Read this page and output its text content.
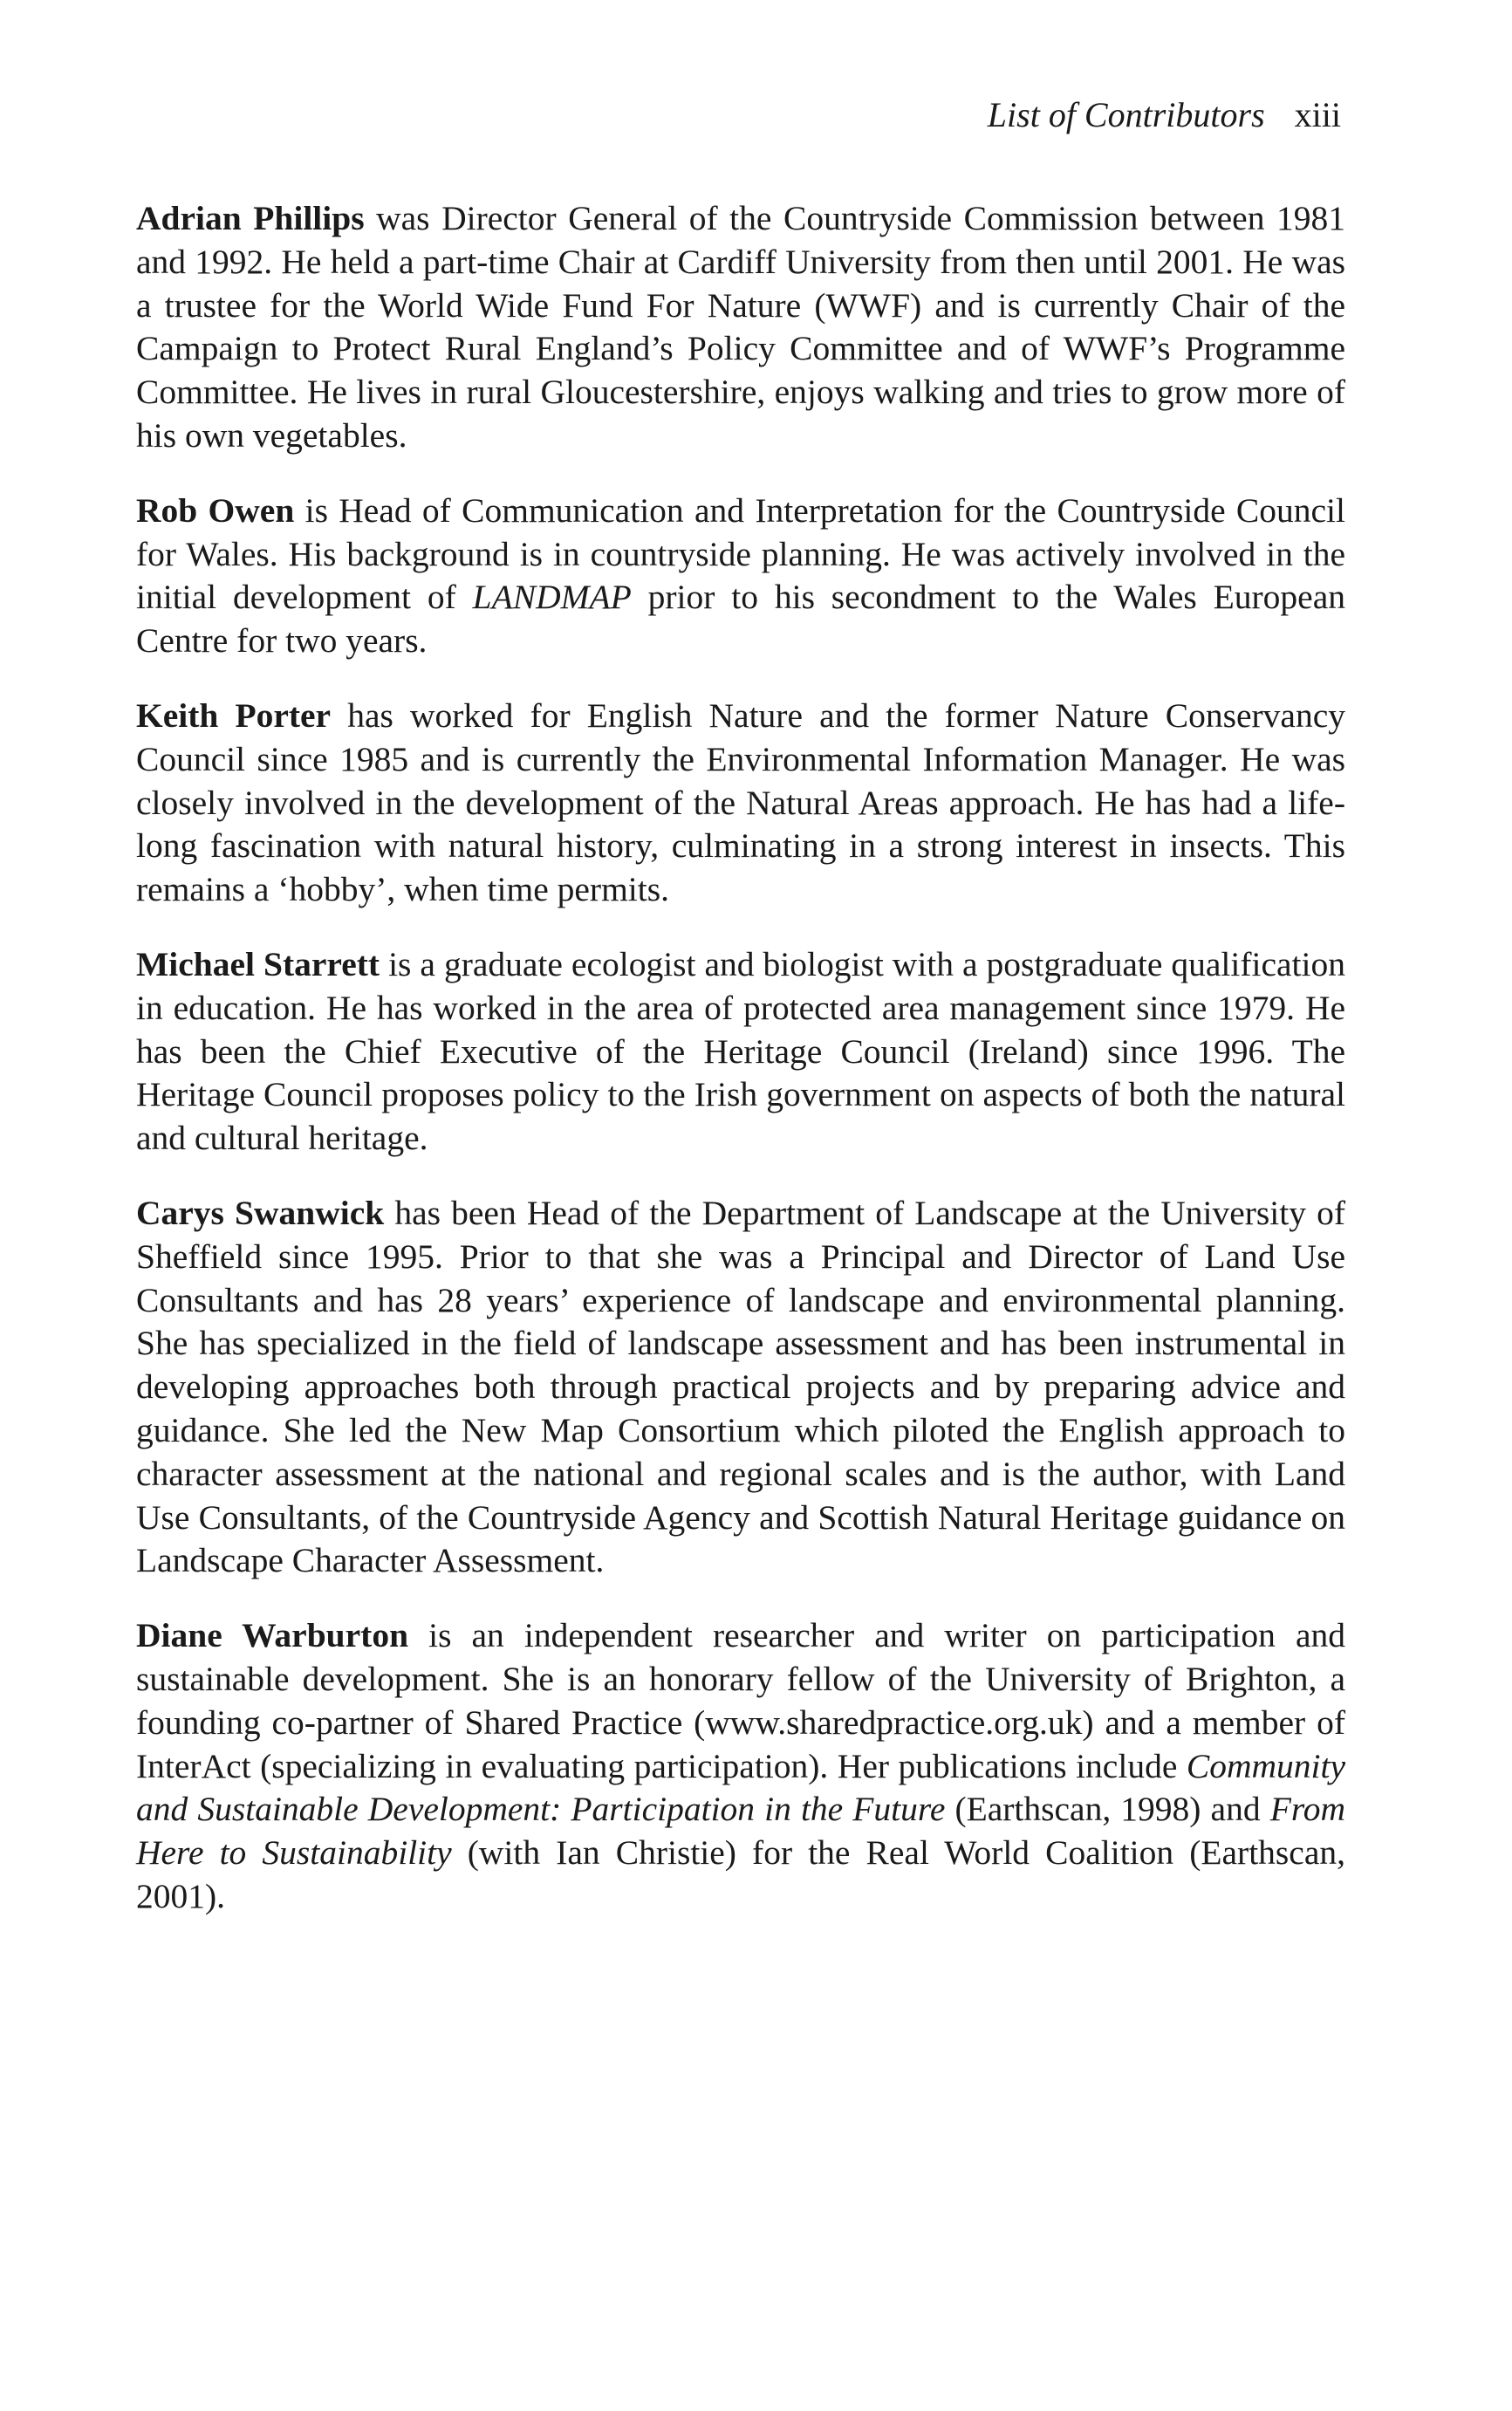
List of Contributors xiii

Adrian Phillips was Director General of the Countryside Commission between 1981 and 1992. He held a part-time Chair at Cardiff University from then until 2001. He was a trustee for the World Wide Fund For Nature (WWF) and is currently Chair of the Campaign to Protect Rural England’s Policy Committee and of WWF’s Programme Committee. He lives in rural Gloucestershire, enjoys walking and tries to grow more of his own vegetables.

Rob Owen is Head of Communication and Interpretation for the Countryside Council for Wales. His background is in countryside planning. He was actively involved in the initial development of LANDMAP prior to his secondment to the Wales European Centre for two years.

Keith Porter has worked for English Nature and the former Nature Conservancy Council since 1985 and is currently the Environmental Information Manager. He was closely involved in the development of the Natural Areas approach. He has had a life-long fascination with natural history, culminating in a strong interest in insects. This remains a ‘hobby’, when time permits.

Michael Starrett is a graduate ecologist and biologist with a postgraduate qualification in education. He has worked in the area of protected area management since 1979. He has been the Chief Executive of the Heritage Council (Ireland) since 1996. The Heritage Council proposes policy to the Irish government on aspects of both the natural and cultural heritage.

Carys Swanwick has been Head of the Department of Landscape at the University of Sheffield since 1995. Prior to that she was a Principal and Director of Land Use Consultants and has 28 years’ experience of landscape and environmental planning. She has specialized in the field of landscape assessment and has been instrumental in developing approaches both through practical projects and by preparing advice and guidance. She led the New Map Consortium which piloted the English approach to character assessment at the national and regional scales and is the author, with Land Use Consultants, of the Countryside Agency and Scottish Natural Heritage guidance on Landscape Character Assessment.

Diane Warburton is an independent researcher and writer on participation and sustainable development. She is an honorary fellow of the University of Brighton, a founding co-partner of Shared Practice (www.sharedpractice.org.uk) and a member of InterAct (specializing in evaluating participation). Her publications include Community and Sustainable Development: Participation in the Future (Earthscan, 1998) and From Here to Sustainability (with Ian Christie) for the Real World Coalition (Earthscan, 2001).
